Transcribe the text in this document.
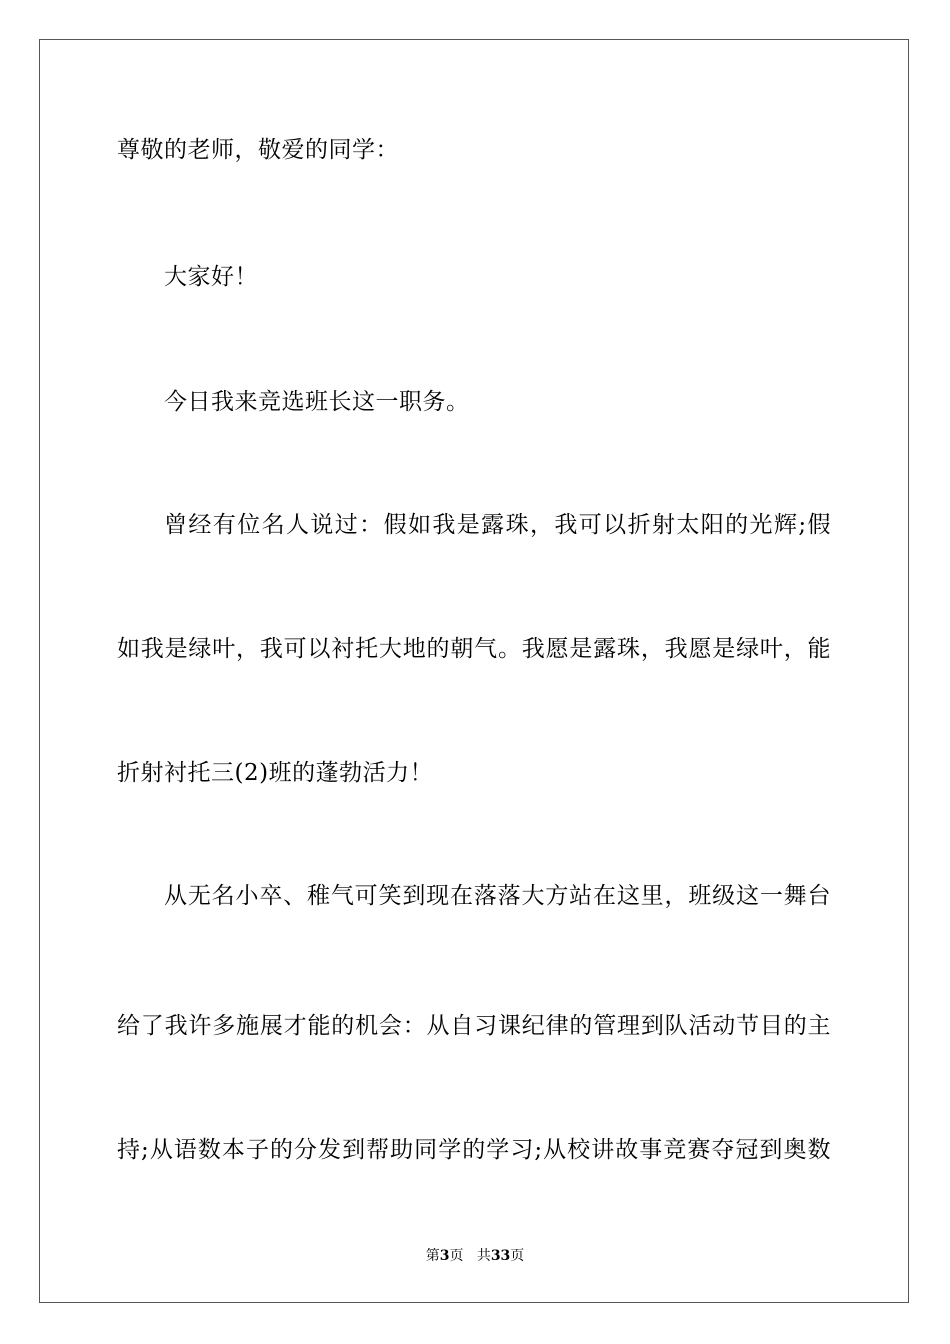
尊敬的老师，敬爱的同学：
大家好！
今日我来竞选班长这一职务。
曾经有位名人说过：假如我是露珠，我可以折射太阳的光辉;假
如我是绿叶，我可以衬托大地的朝气。我愿是露珠，我愿是绿叶，能
折射衬托三(2)班的蓬勃活力！
从无名小卒、稚气可笑到现在落落大方站在这里，班级这一舞台
给了我许多施展才能的机会：从自习课纪律的管理到队活动节目的主
持;从语数本子的分发到帮助同学的学习;从校讲故事竞赛夺冠到奥数
第3页 共33页
